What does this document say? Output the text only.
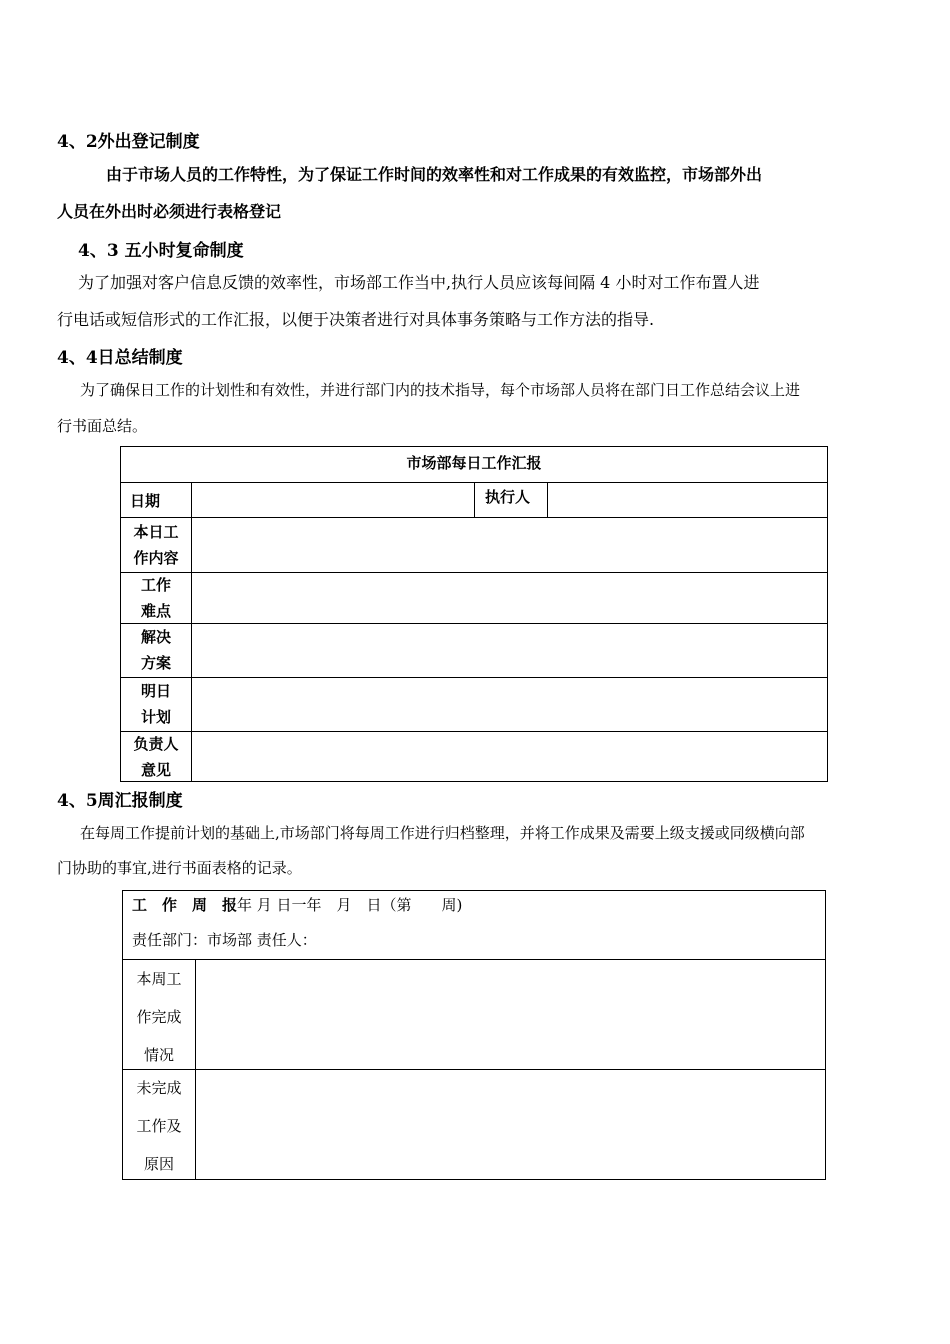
4、2外出登记制度
由于市场人员的工作特性，为了保证工作时间的效率性和对工作成果的有效监控，市场部外出
人员在外出时必须进行表格登记
4、3 五小时复命制度
为了加强对客户信息反馈的效率性，市场部工作当中,执行人员应该每间隔 4 小时对工作布置人进
行电话或短信形式的工作汇报，以便于决策者进行对具体事务策略与工作方法的指导.
4、4日总结制度
为了确保日工作的计划性和有效性，并进行部门内的技术指导，每个市场部人员将在部门日工作总结会议上进
行书面总结。
市场部每日工作汇报
日期	执行人
本日工
作内容
工作
难点
解决
方案
明日
计划
负责人
意见
4、5周汇报制度
在每周工作提前计划的基础上,市场部门将每周工作进行归档整理，并将工作成果及需要上级支援或同级横向部
门协助的事宜,进行书面表格的记录。
工　作　周　报年 月 日一年　月　日（第　　周)
责任部门：市场部 责任人：
本周工
作完成
情况
未完成
工作及
原因
